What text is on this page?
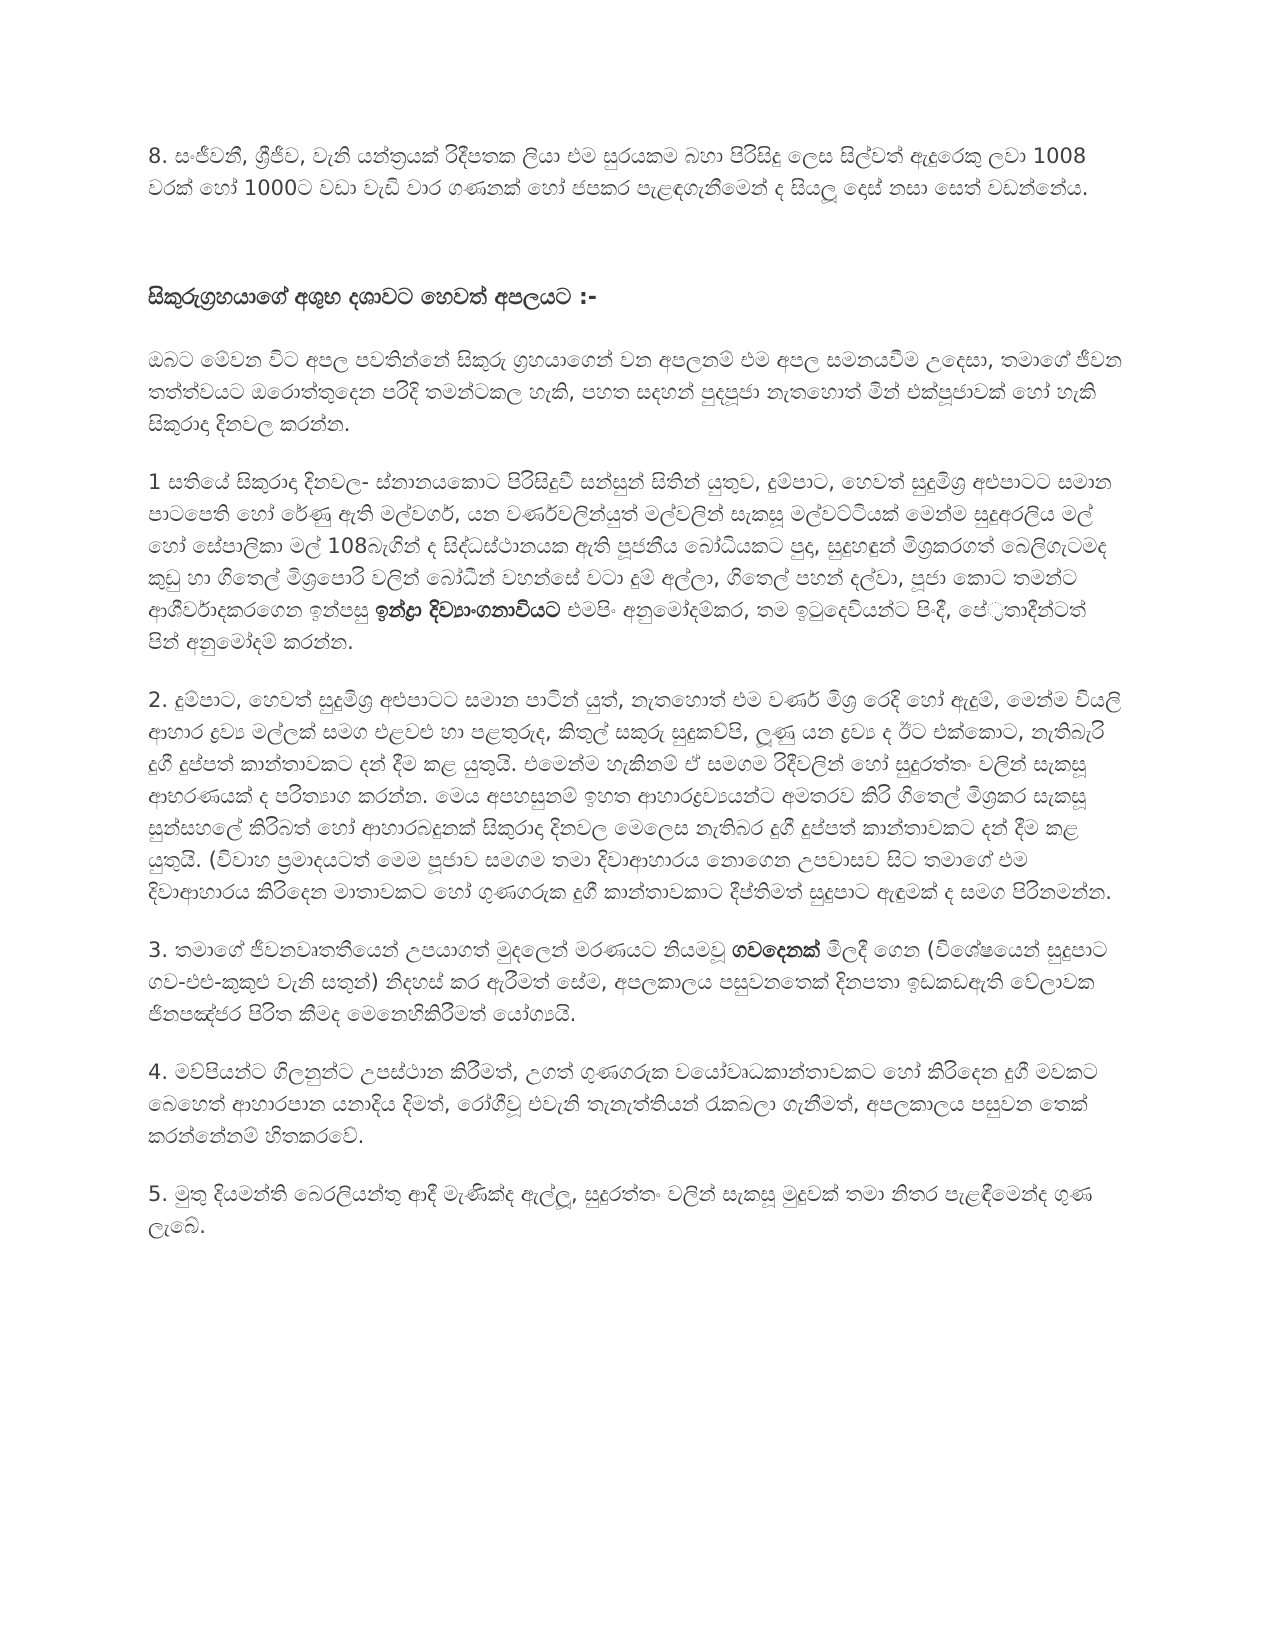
8. සංජීවනී, ශ්‍රීජීව, වැනි යන්ත්‍රයක් රිදීපතක ලියා එම සුරයකම බහා පිරිසිදු ලෙස සිල්වත් ඇදුරෙකු ලවා 1008 වරක් හෝ 1000ට වඩා වැඩි වාර ගණනක් හෝ ජපකර පැළඳගැනීමෙන් ද සියලූ දොස් නසා සෙත් වඩන්නේය.

සිකුරුග්‍රහයාගේ අශුභ දශාවට හෙවත් අපලයට :-

ඔබට මේවන විට අපල පවතින්නේ සිකුරු ග්‍රහයාගෙන් වන අපලනම් එම අපල සමනයවීම උදෙසා, තමාගේ ජීවන තත්ත්වයට ඔරොත්තුදෙන පරිදි තමන්ටකල හැකි, පහත සදහන් පුදපූජා නැතහොත් මින් එක්පූජාවක් හෝ හැකි සිකුරාදා දිනවල කරන්න.

1 සතියේ සිකුරාදා දිනවල- ස්නානයකොට පිරිසිදුවී සන්සුන් සිතින් යුතුව, දුම්පාට, හෙවත් සුදුමිශ්‍ර අළුපාටට සමාන පාටපෙති හෝ රේණු ඇති මල්වර්ග, යන වර්ණවලින්යුත් මල්වලින් සැකසූ මල්වට්ටියක් මෙන්ම සුදුඅරලිය මල් හෝ සේපාලිකා මල් 108බැගින් ද සිද්ධස්ථානයක ඇති පූජනීය බෝධියකට පුදා, සුදුහඳුන් මිශ්‍රකරගත් බෙලිගැටමද කුඩු හා ගිතෙල් මිශ්‍රපොරි වලින් බෝධීන් වහන්සේ වටා දුම් අල්ලා, ගිතෙල් පහන් දල්වා, පූජා කොට තමන්ට ආශීර්වාදකරගෙන ඉන්පසු ඉන්ද්‍රා දිව්‍යාංගනාවියට එමපිං අනුමෝදම්කර, තම ඉටුදෙවියන්ට පිංදී, පේ්‍රතාදීන්ටත් පින් අනුමෝදම් කරන්න.

2. දුම්පාට, හෙවත් සුදුමිශ්‍ර අළුපාටට සමාන පාටින් යුත්, නැතහොත් එම වර්ණ මිශ්‍ර රෙදි හෝ ඇදුම්, මෙන්ම වියලි ආහාර ද්‍රව්‍ය මල්ලක් සමග එළවළු හා පළතුරුද, කිතුල් සකුරු සුදුකව්පි, ලූණු යන ද්‍රව්‍ය ද ඊට එක්කොට, නැතිබැරි දුගී දුප්පත් කාන්තාවකට දන් දීම කළ යුතුයි. එමෙන්ම හැකිනම් ඒ සමගම රිදීවලින් හෝ සුදුරත්තං වලින් සැකසූ ආභරණයක් ද පරිත්‍යාග කරන්න. මෙය අපහසුනම් ඉහත ආහාරද්‍රව්‍යයන්ට අමතරව කිරි ගිතෙල් මිශ්‍රකර සැකසූ සුන්සහලේ කිරිබත් හෝ ආහාරබදුනක් සිකුරාදා දිනවල මෙලෙස නැතිබර දුගී දුප්පත් කාන්තාවකට දන් දීම කළ යුතුයි. (විවාහ ප්‍රමාදයටත් මෙම පූජාව සමගම තමා දිවාආහාරය නොගෙන උපවාසව සිට තමාගේ එම දිවාආහාරය කිරිදෙන මාතාවකට හෝ ගුණගරුක දුගී කාන්තාවකාට දීප්තිමත් සුදුපාට ඇඳුමක් ද සමග පිරිනමන්න.

3. තමාගේ ජීවනවෘතතීයෙන් උපයාගත් මුදලෙන් මරණයට නියමවූ ගවදෙනක් මිලදී ගෙන (විශේෂයෙන් සුදුපාට ගව-එළු-කුකුළු වැනි සතුන්) නිදහස් කර ඇරීමත් සේම, අපලකාලය පසුවනතෙක් දිනපතා ඉඩකඩඇති වේලාවක ජිනපඤ්ජර පිරිත කීමද මෙනෙහිකිරීමත් යෝග්‍යයි.

4. මව්පියන්ට ගිලනුන්ට උපස්ථාන කිරීමත්, උගත් ගුණගරුක වයෝවෘධකාන්තාවකට හෝ කිරිදෙන දුගී මවකට බෙහෙත් ආහාරපාන යනාදිය දිමත්, රෝගීවූ එවැනි තැනැත්තියන් රැකබලා ගැනීමත්, අපලකාලය පසුවන තෙක් කරන්නේනම් හිතකරවේ.

5. මුතු දියමන්ති බෙරලියන්තු ආදී මැණික්ද ඇල්ලූ, සුදුරත්තං වලින් සැකසූ මුදුවක් තමා නිතර පැළඳීමෙන්ද ගුණ ලැබේ.
